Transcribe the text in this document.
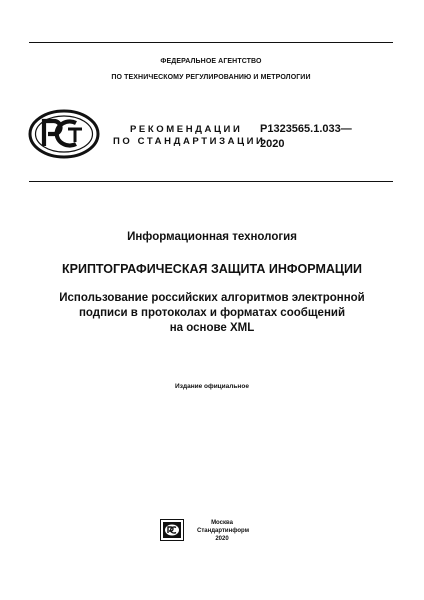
ФЕДЕРАЛЬНОЕ АГЕНТСТВО
ПО ТЕХНИЧЕСКОМУ РЕГУЛИРОВАНИЮ И МЕТРОЛОГИИ
РЕКОМЕНДАЦИИ
ПО СТАНДАРТИЗАЦИИ
Р1323565.1.033—
2020
Информационная технология
КРИПТОГРАФИЧЕСКАЯ ЗАЩИТА ИНФОРМАЦИИ
Использование российских алгоритмов электронной
подписи в протоколах и форматах сообщений
на основе XML
Издание официальное
Москва
Стандартинформ
2020
